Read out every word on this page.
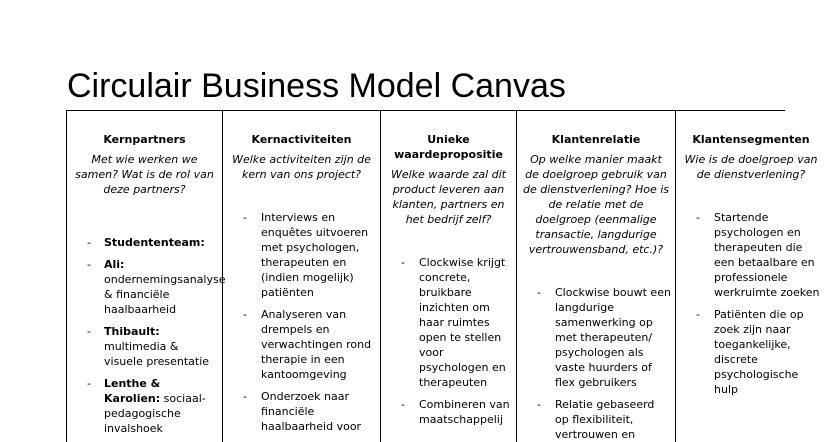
Circulair Business Model Canvas
Kernpartners

Met wie werken we samen? Wat is de rol van deze partners?

- Studententeam:
- Ali: ondernemingsanalyse & financiële haalbaarheid
- Thibault: multimedia & visuele presentatie
- Lenthe & Karolien: sociaal-pedagogische invalshoek
Kernactiviteiten

Welke activiteiten zijn de kern van ons project?

- Interviews en enquêtes uitvoeren met psychologen, therapeuten en (indien mogelijk) patiënten
- Analyseren van drempels en verwachtingen rond therapie in een kantoomgeving
- Onderzoek naar financiële haalbaarheid voor
Unieke waardepropositie

Welke waarde zal dit product leveren aan klanten, partners en het bedrijf zelf?

- Clockwise krijgt concrete, bruikbare inzichten om haar ruimtes open te stellen voor psychologen en therapeuten
- Combineren van maatschappelij
Klantenrelatie

Op welke manier maakt de doelgroep gebruik van de dienstverlening? Hoe is de relatie met de doelgroep (eenmalige transactie, langdurige vertrouwensband, etc.)?

- Clockwise bouwt een langdurige samenwerking op met therapeuten/ psychologen als vaste huurders of flex gebruikers
- Relatie gebaseerd op flexibiliteit, vertrouwen en
Klantensegmenten

Wie is de doelgroep van de dienstverlening?

- Startende psychologen en therapeuten die een betaalbare en professionele werkruimte zoeken
- Patiënten die op zoek zijn naar toegankelijke, discrete psychologische hulp
